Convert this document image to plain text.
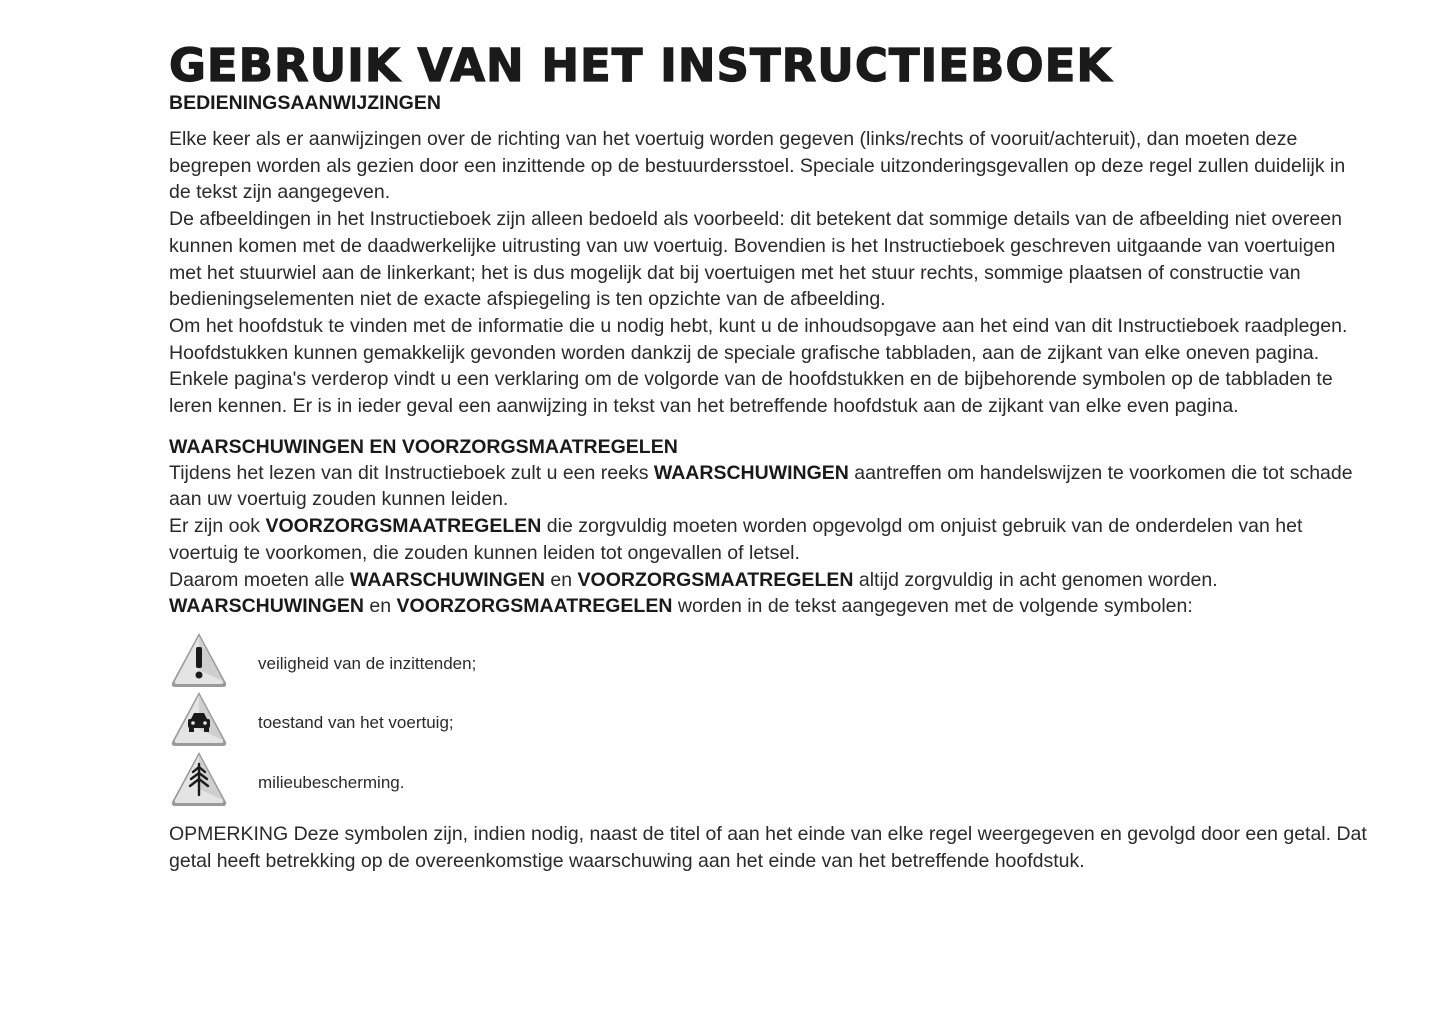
GEBRUIK VAN HET INSTRUCTIEBOEK
BEDIENINGSAANWIJZINGEN

Elke keer als er aanwijzingen over de richting van het voertuig worden gegeven (links/rechts of vooruit/achteruit), dan moeten deze begrepen worden als gezien door een inzittende op de bestuurdersstoel. Speciale uitzonderingsgevallen op deze regel zullen duidelijk in de tekst zijn aangegeven.

De afbeeldingen in het Instructieboek zijn alleen bedoeld als voorbeeld: dit betekent dat sommige details van de afbeelding niet overeen kunnen komen met de daadwerkelijke uitrusting van uw voertuig. Bovendien is het Instructieboek geschreven uitgaande van voertuigen met het stuurwiel aan de linkerkant; het is dus mogelijk dat bij voertuigen met het stuur rechts, sommige plaatsen of constructie van bedieningselementen niet de exacte afspiegeling is ten opzichte van de afbeelding.

Om het hoofdstuk te vinden met de informatie die u nodig hebt, kunt u de inhoudsopgave aan het eind van dit Instructieboek raadplegen.

Hoofdstukken kunnen gemakkelijk gevonden worden dankzij de speciale grafische tabbladen, aan de zijkant van elke oneven pagina. Enkele pagina's verderop vindt u een verklaring om de volgorde van de hoofdstukken en de bijbehorende symbolen op de tabbladen te leren kennen. Er is in ieder geval een aanwijzing in tekst van het betreffende hoofdstuk aan de zijkant van elke even pagina.

WAARSCHUWINGEN EN VOORZORGSMAATREGELEN

Tijdens het lezen van dit Instructieboek zult u een reeks WAARSCHUWINGEN aantreffen om handelswijzen te voorkomen die tot schade aan uw voertuig zouden kunnen leiden.

Er zijn ook VOORZORGSMAATREGELEN die zorgvuldig moeten worden opgevolgd om onjuist gebruik van de onderdelen van het voertuig te voorkomen, die zouden kunnen leiden tot ongevallen of letsel.

Daarom moeten alle WAARSCHUWINGEN en VOORZORGSMAATREGELEN altijd zorgvuldig in acht genomen worden.

WAARSCHUWINGEN en VOORZORGSMAATREGELEN worden in de tekst aangegeven met de volgende symbolen:

veiligheid van de inzittenden;
toestand van het voertuig;
milieubescherming.

OPMERKING Deze symbolen zijn, indien nodig, naast de titel of aan het einde van elke regel weergegeven en gevolgd door een getal. Dat getal heeft betrekking op de overeenkomstige waarschuwing aan het einde van het betreffende hoofdstuk.
